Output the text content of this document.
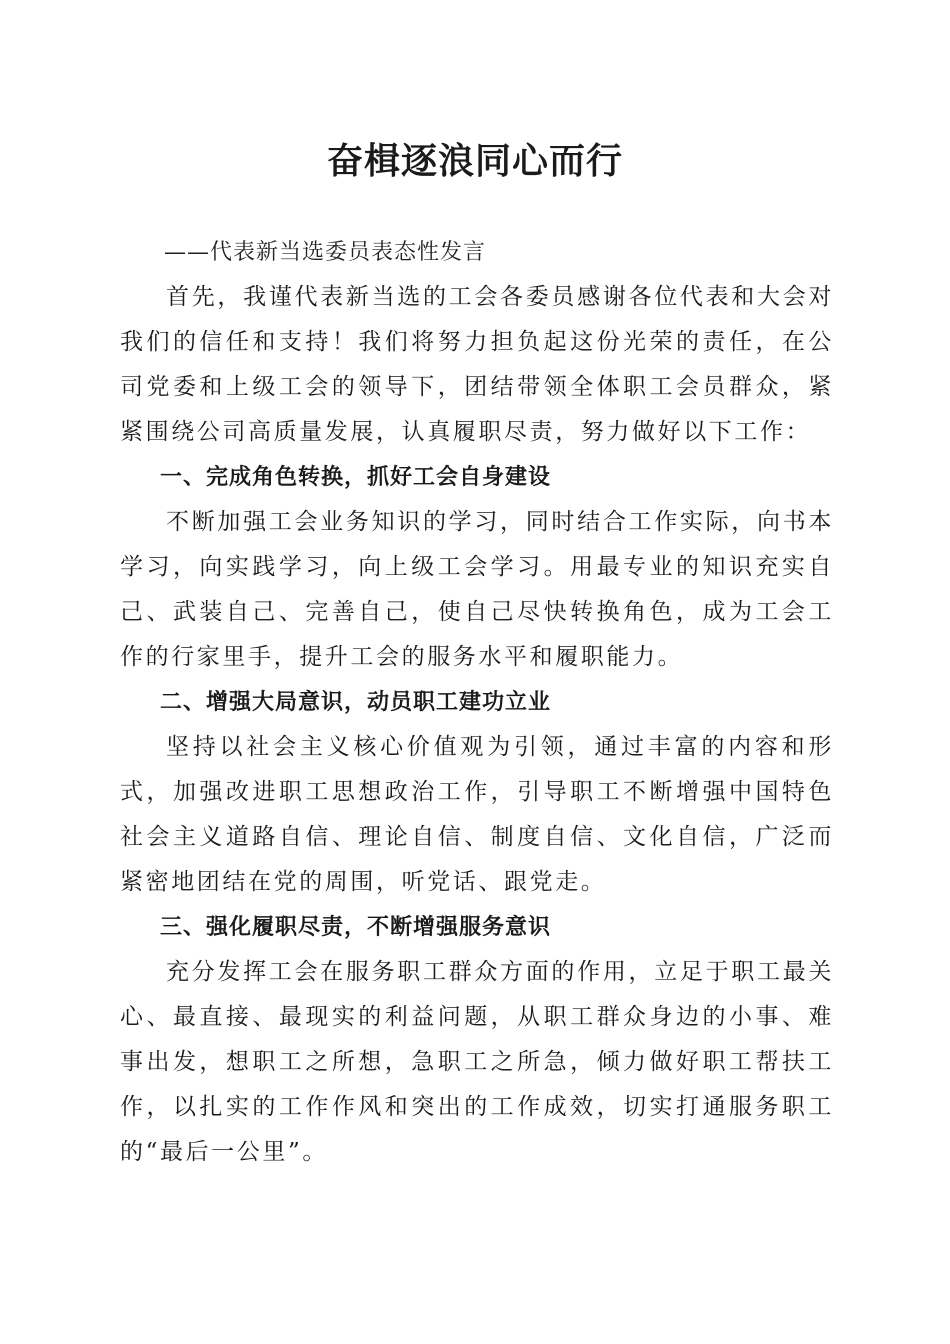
奋楫逐浪同心而行

——代表新当选委员表态性发言

首先，我谨代表新当选的工会各委员感谢各位代表和大会对我们的信任和支持！我们将努力担负起这份光荣的责任，在公司党委和上级工会的领导下，团结带领全体职工会员群众，紧紧围绕公司高质量发展，认真履职尽责，努力做好以下工作：

一、完成角色转换，抓好工会自身建设

不断加强工会业务知识的学习，同时结合工作实际，向书本学习，向实践学习，向上级工会学习。用最专业的知识充实自己、武装自己、完善自己，使自己尽快转换角色，成为工会工作的行家里手，提升工会的服务水平和履职能力。

二、增强大局意识，动员职工建功立业

坚持以社会主义核心价值观为引领，通过丰富的内容和形式，加强改进职工思想政治工作，引导职工不断增强中国特色社会主义道路自信、理论自信、制度自信、文化自信，广泛而紧密地团结在党的周围，听党话、跟党走。

三、强化履职尽责，不断增强服务意识

充分发挥工会在服务职工群众方面的作用，立足于职工最关心、最直接、最现实的利益问题，从职工群众身边的小事、难事出发，想职工之所想，急职工之所急，倾力做好职工帮扶工作，以扎实的工作作风和突出的工作成效，切实打通服务职工的“最后一公里”。
